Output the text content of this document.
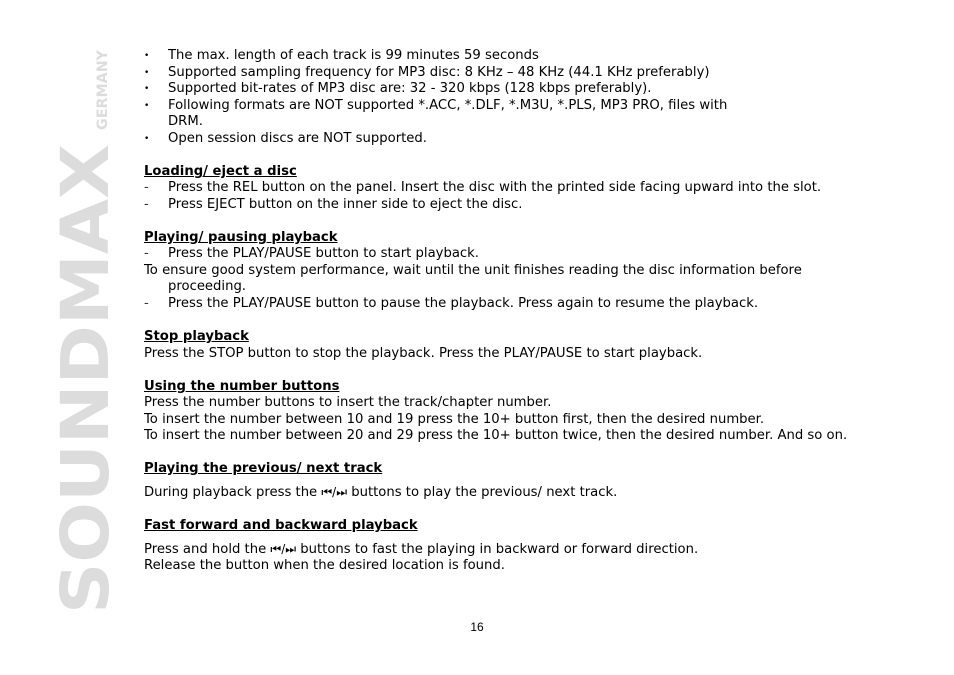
SOUNDMAX
GERMANY	•	The max. length of each track is 99 minutes 59 seconds
•	Supported sampling frequency for MP3 disc: 8 KHz – 48 KHz (44.1 KHz preferably)
•	Supported bit-rates of MP3 disc are: 32 - 320 kbps (128 kbps preferably).
•	Following formats are NOT supported *.ACC, *.DLF, *.M3U, *.PLS, MP3 PRO, files with
DRM.
•	Open session discs are NOT supported.
Loading/ eject a disc
-	Press the REL button on the panel. Insert the disc with the printed side facing upward into the slot.
-	Press EJECT button on the inner side to eject the disc.
Playing/ pausing playback
-	Press the PLAY/PAUSE button to start playback.
To ensure good system performance, wait until the unit finishes reading the disc information before
proceeding.
-	Press the PLAY/PAUSE button to pause the playback. Press again to resume the playback.
Stop playback
Press the STOP button to stop the playback. Press the PLAY/PAUSE to start playback.
Using the number buttons
Press the number buttons to insert the track/chapter number.
To insert the number between 10 and 19 press the 10+ button first, then the desired number.
To insert the number between 20 and 29 press the 10+ button twice, then the desired number. And so on.
Playing the previous/ next track
During playback press the ⏮/⏭ buttons to play the previous/ next track.
Fast forward and backward playback
Press and hold the ⏮/⏭ buttons to fast the playing in backward or forward direction.
Release the button when the desired location is found.
16
